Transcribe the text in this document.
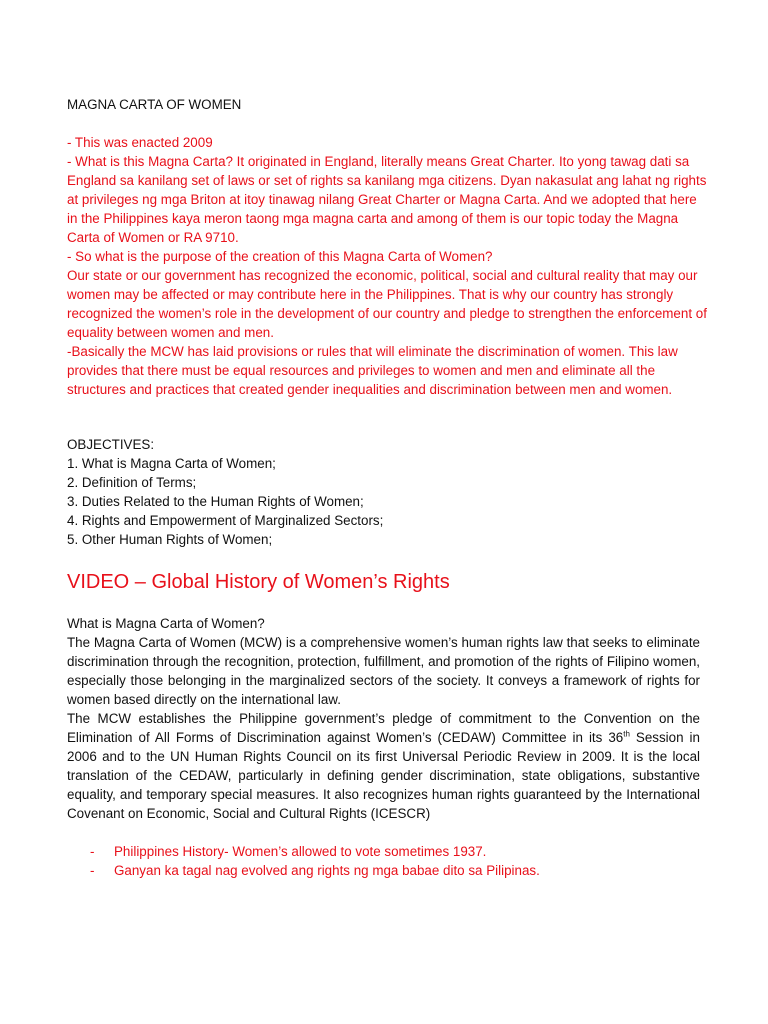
MAGNA CARTA OF WOMEN

- This was enacted 2009

- What is this Magna Carta? It originated in England, literally means Great Charter. Ito yong tawag dati sa England sa kanilang set of laws or set of rights sa kanilang mga citizens. Dyan nakasulat ang lahat ng rights at privileges ng mga Briton at itoy tinawag nilang Great Charter or Magna Carta. And we adopted that here in the Philippines kaya meron taong mga magna carta and among of them is our topic today the Magna Carta of Women or RA 9710.

- So what is the purpose of the creation of this Magna Carta of Women?

Our state or our government has recognized the economic, political, social and cultural reality that may our women may be affected or may contribute here in the Philippines. That is why our country has strongly recognized the women’s role in the development of our country and pledge to strengthen the enforcement of equality between women and men.

-Basically the MCW has laid provisions or rules that will eliminate the discrimination of women. This law provides that there must be equal resources and privileges to women and men and eliminate all the structures and practices that created gender inequalities and discrimination between men and women.

OBJECTIVES:

1. What is Magna Carta of Women;

2. Definition of Terms;

3. Duties Related to the Human Rights of Women;

4. Rights and Empowerment of Marginalized Sectors;

5. Other Human Rights of Women;

VIDEO – Global History of Women’s Rights

What is Magna Carta of Women?

The Magna Carta of Women (MCW) is a comprehensive women’s human rights law that seeks to eliminate discrimination through the recognition, protection, fulfillment, and promotion of the rights of Filipino women, especially those belonging in the marginalized sectors of the society. It conveys a framework of rights for women based directly on the international law.

The MCW establishes the Philippine government’s pledge of commitment to the Convention on the Elimination of All Forms of Discrimination against Women’s (CEDAW) Committee in its 36th Session in 2006 and to the UN Human Rights Council on its first Universal Periodic Review in 2009. It is the local translation of the CEDAW, particularly in defining gender discrimination, state obligations, substantive equality, and temporary special measures. It also recognizes human rights guaranteed by the International Covenant on Economic, Social and Cultural Rights (ICESCR)

- Philippines History- Women’s allowed to vote sometimes 1937.
- Ganyan ka tagal nag evolved ang rights ng mga babae dito sa Pilipinas.
